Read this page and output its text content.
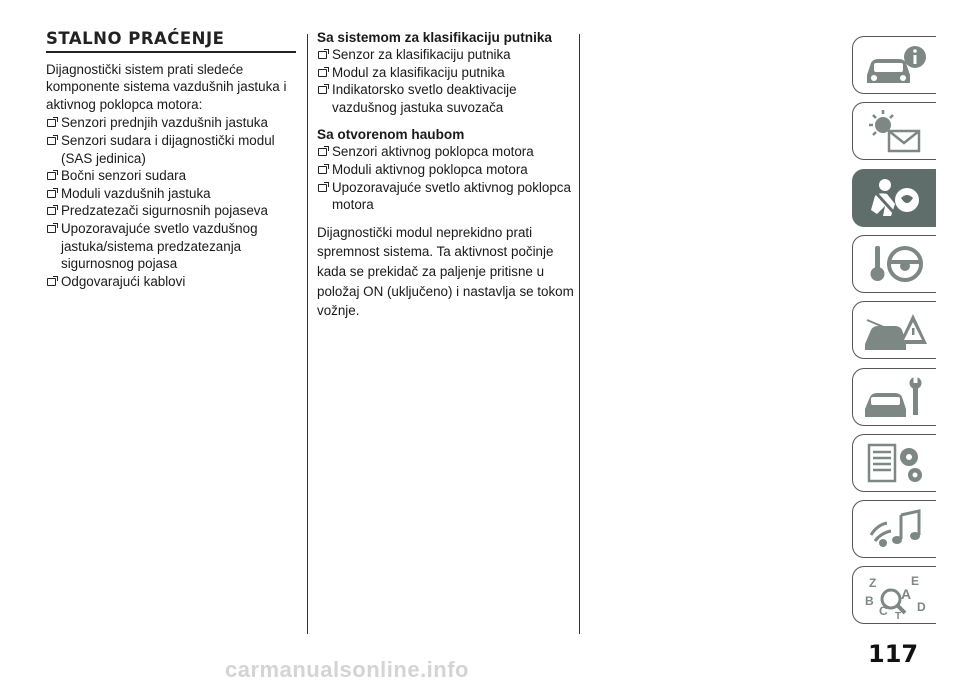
STALNO PRAĆENJE

Dijagnostički sistem prati sledeće komponente sistema vazdušnih jastuka i aktivnog poklopca motora:

Senzori prednjih vazdušnih jastuka
Senzori sudara i dijagnostički modul (SAS jedinica)
Bočni senzori sudara
Moduli vazdušnih jastuka
Predzatezači sigurnosnih pojaseva
Upozoravajuće svetlo vazdušnog jastuka/sistema predzatezanja sigurnosnog pojasa
Odgovarajući kablovi
Sa sistemom za klasifikaciju putnika
Senzor za klasifikaciju putnika
Modul za klasifikaciju putnika
Indikatorsko svetlo deaktivacije vazdušnog jastuka suvozača
Sa otvorenom haubom
Senzori aktivnog poklopca motora
Moduli aktivnog poklopca motora
Upozoravajuće svetlo aktivnog poklopca motora

Dijagnostički modul neprekidno prati spremnost sistema. Ta aktivnost počinje kada se prekidač za paljenje pritisne u položaj ON (uključeno) i nastavlja se tokom vožnje.

Z	E
A
B
C D
T
117
carmanualsonline.info
